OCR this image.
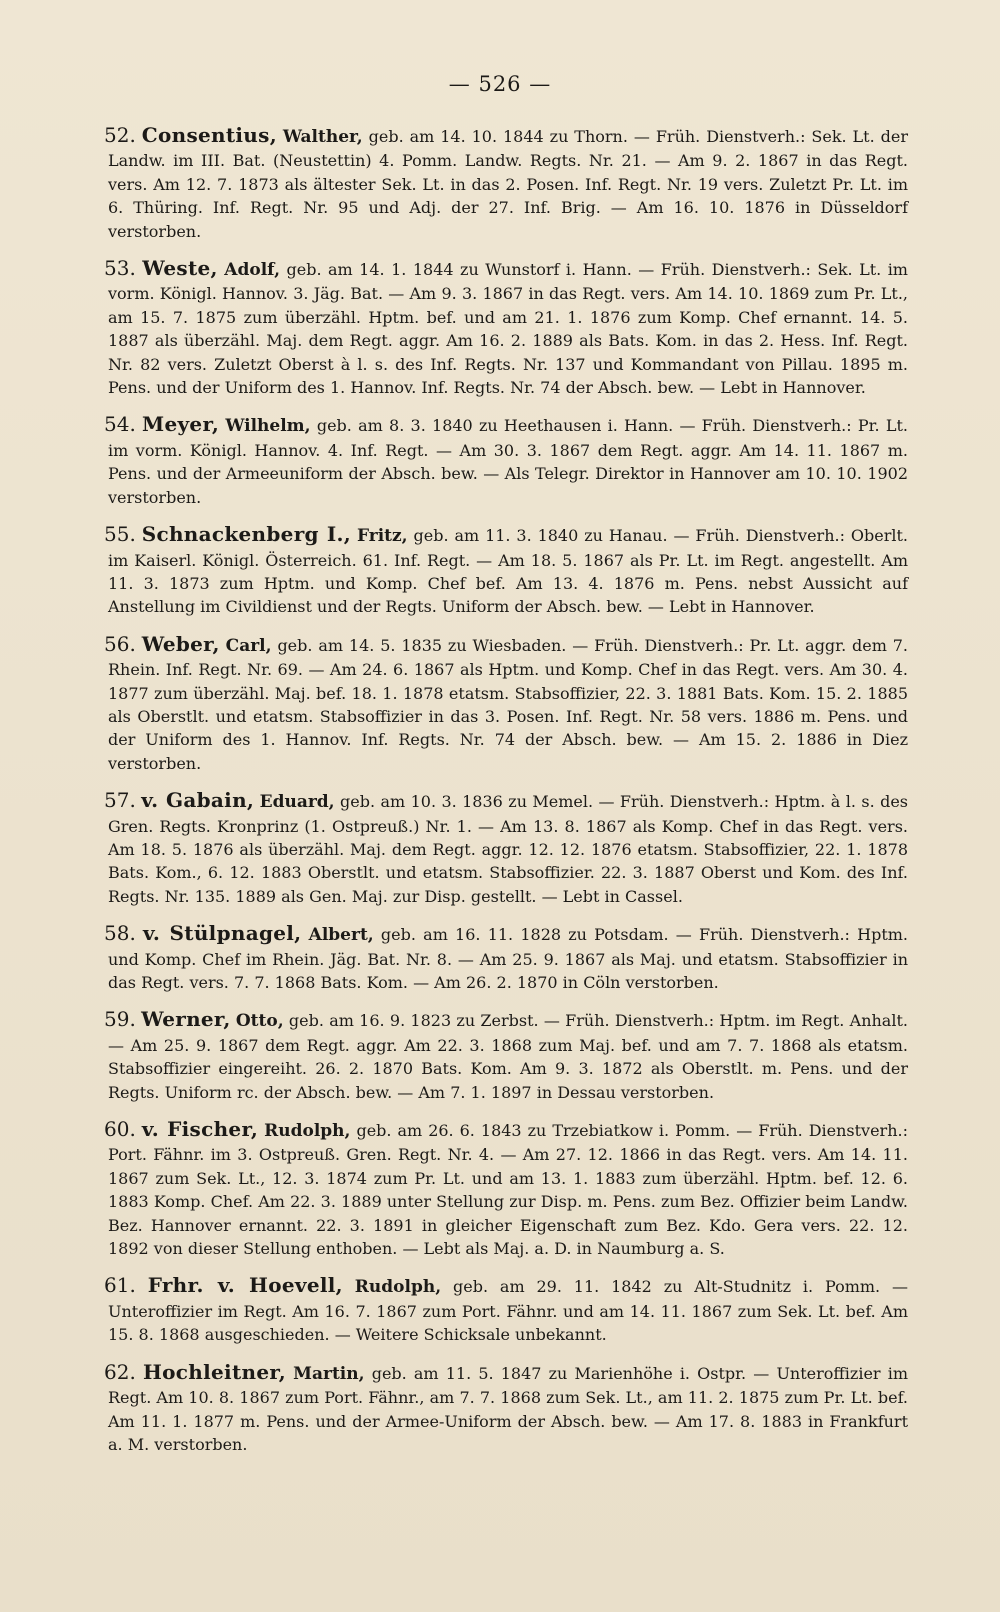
— 526 —

52. Consentius, Walther, geb. am 14. 10. 1844 zu Thorn. — Früh. Dienstverh.: Sek. Lt. der Landw. im III. Bat. (Neustettin) 4. Pomm. Landw. Regts. Nr. 21. — Am 9. 2. 1867 in das Regt. vers. Am 12. 7. 1873 als ältester Sek. Lt. in das 2. Posen. Inf. Regt. Nr. 19 vers. Zuletzt Pr. Lt. im 6. Thüring. Inf. Regt. Nr. 95 und Adj. der 27. Inf. Brig. — Am 16. 10. 1876 in Düsseldorf verstorben.

53. Weste, Adolf, geb. am 14. 1. 1844 zu Wunstorf i. Hann. — Früh. Dienstverh.: Sek. Lt. im vorm. Königl. Hannov. 3. Jäg. Bat. — Am 9. 3. 1867 in das Regt. vers. Am 14. 10. 1869 zum Pr. Lt., am 15. 7. 1875 zum überzähl. Hptm. bef. und am 21. 1. 1876 zum Komp. Chef ernannt. 14. 5. 1887 als überzähl. Maj. dem Regt. aggr. Am 16. 2. 1889 als Bats. Kom. in das 2. Hess. Inf. Regt. Nr. 82 vers. Zuletzt Oberst à l. s. des Inf. Regts. Nr. 137 und Kommandant von Pillau. 1895 m. Pens. und der Uniform des 1. Hannov. Inf. Regts. Nr. 74 der Absch. bew. — Lebt in Hannover.

54. Meyer, Wilhelm, geb. am 8. 3. 1840 zu Heethausen i. Hann. — Früh. Dienstverh.: Pr. Lt. im vorm. Königl. Hannov. 4. Inf. Regt. — Am 30. 3. 1867 dem Regt. aggr. Am 14. 11. 1867 m. Pens. und der Armeeuniform der Absch. bew. — Als Telegr. Direktor in Hannover am 10. 10. 1902 verstorben.

55. Schnackenberg I., Fritz, geb. am 11. 3. 1840 zu Hanau. — Früh. Dienstverh.: Oberlt. im Kaiserl. Königl. Österreich. 61. Inf. Regt. — Am 18. 5. 1867 als Pr. Lt. im Regt. angestellt. Am 11. 3. 1873 zum Hptm. und Komp. Chef bef. Am 13. 4. 1876 m. Pens. nebst Aussicht auf Anstellung im Civildienst und der Regts. Uniform der Absch. bew. — Lebt in Hannover.

56. Weber, Carl, geb. am 14. 5. 1835 zu Wiesbaden. — Früh. Dienstverh.: Pr. Lt. aggr. dem 7. Rhein. Inf. Regt. Nr. 69. — Am 24. 6. 1867 als Hptm. und Komp. Chef in das Regt. vers. Am 30. 4. 1877 zum überzähl. Maj. bef. 18. 1. 1878 etatsm. Stabsoffizier, 22. 3. 1881 Bats. Kom. 15. 2. 1885 als Oberstlt. und etatsm. Stabsoffizier in das 3. Posen. Inf. Regt. Nr. 58 vers. 1886 m. Pens. und der Uniform des 1. Hannov. Inf. Regts. Nr. 74 der Absch. bew. — Am 15. 2. 1886 in Diez verstorben.

57. v. Gabain, Eduard, geb. am 10. 3. 1836 zu Memel. — Früh. Dienstverh.: Hptm. à l. s. des Gren. Regts. Kronprinz (1. Ostpreuß.) Nr. 1. — Am 13. 8. 1867 als Komp. Chef in das Regt. vers. Am 18. 5. 1876 als überzähl. Maj. dem Regt. aggr. 12. 12. 1876 etatsm. Stabsoffizier, 22. 1. 1878 Bats. Kom., 6. 12. 1883 Oberstlt. und etatsm. Stabsoffizier. 22. 3. 1887 Oberst und Kom. des Inf. Regts. Nr. 135. 1889 als Gen. Maj. zur Disp. gestellt. — Lebt in Cassel.

58. v. Stülpnagel, Albert, geb. am 16. 11. 1828 zu Potsdam. — Früh. Dienstverh.: Hptm. und Komp. Chef im Rhein. Jäg. Bat. Nr. 8. — Am 25. 9. 1867 als Maj. und etatsm. Stabsoffizier in das Regt. vers. 7. 7. 1868 Bats. Kom. — Am 26. 2. 1870 in Cöln verstorben.

59. Werner, Otto, geb. am 16. 9. 1823 zu Zerbst. — Früh. Dienstverh.: Hptm. im Regt. Anhalt. — Am 25. 9. 1867 dem Regt. aggr. Am 22. 3. 1868 zum Maj. bef. und am 7. 7. 1868 als etatsm. Stabsoffizier eingereiht. 26. 2. 1870 Bats. Kom. Am 9. 3. 1872 als Oberstlt. m. Pens. und der Regts. Uniform rc. der Absch. bew. — Am 7. 1. 1897 in Dessau verstorben.

60. v. Fischer, Rudolph, geb. am 26. 6. 1843 zu Trzebiatkow i. Pomm. — Früh. Dienstverh.: Port. Fähnr. im 3. Ostpreuß. Gren. Regt. Nr. 4. — Am 27. 12. 1866 in das Regt. vers. Am 14. 11. 1867 zum Sek. Lt., 12. 3. 1874 zum Pr. Lt. und am 13. 1. 1883 zum überzähl. Hptm. bef. 12. 6. 1883 Komp. Chef. Am 22. 3. 1889 unter Stellung zur Disp. m. Pens. zum Bez. Offizier beim Landw. Bez. Hannover ernannt. 22. 3. 1891 in gleicher Eigenschaft zum Bez. Kdo. Gera vers. 22. 12. 1892 von dieser Stellung enthoben. — Lebt als Maj. a. D. in Naumburg a. S.

61. Frhr. v. Hoevell, Rudolph, geb. am 29. 11. 1842 zu Alt-Studnitz i. Pomm. — Unteroffizier im Regt. Am 16. 7. 1867 zum Port. Fähnr. und am 14. 11. 1867 zum Sek. Lt. bef. Am 15. 8. 1868 ausgeschieden. — Weitere Schicksale unbekannt.

62. Hochleitner, Martin, geb. am 11. 5. 1847 zu Marienhöhe i. Ostpr. — Unteroffizier im Regt. Am 10. 8. 1867 zum Port. Fähnr., am 7. 7. 1868 zum Sek. Lt., am 11. 2. 1875 zum Pr. Lt. bef. Am 11. 1. 1877 m. Pens. und der Armee-Uniform der Absch. bew. — Am 17. 8. 1883 in Frankfurt a. M. verstorben.
